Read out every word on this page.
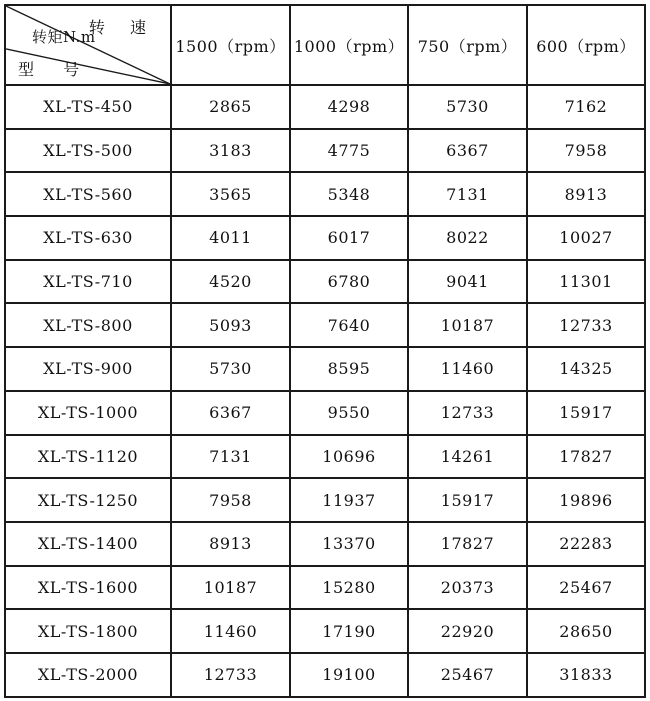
转 速
转矩N.m
型 号	1500（rpm）	1000（rpm）	750（rpm）	600（rpm）
XL-TS-450	2865	4298	5730	7162
XL-TS-500	3183	4775	6367	7958
XL-TS-560	3565	5348	7131	8913
XL-TS-630	4011	6017	8022	10027
XL-TS-710	4520	6780	9041	11301
XL-TS-800	5093	7640	10187	12733
XL-TS-900	5730	8595	11460	14325
XL-TS-1000	6367	9550	12733	15917
XL-TS-1120	7131	10696	14261	17827
XL-TS-1250	7958	11937	15917	19896
XL-TS-1400	8913	13370	17827	22283
XL-TS-1600	10187	15280	20373	25467
XL-TS-1800	11460	17190	22920	28650
XL-TS-2000	12733	19100	25467	31833
